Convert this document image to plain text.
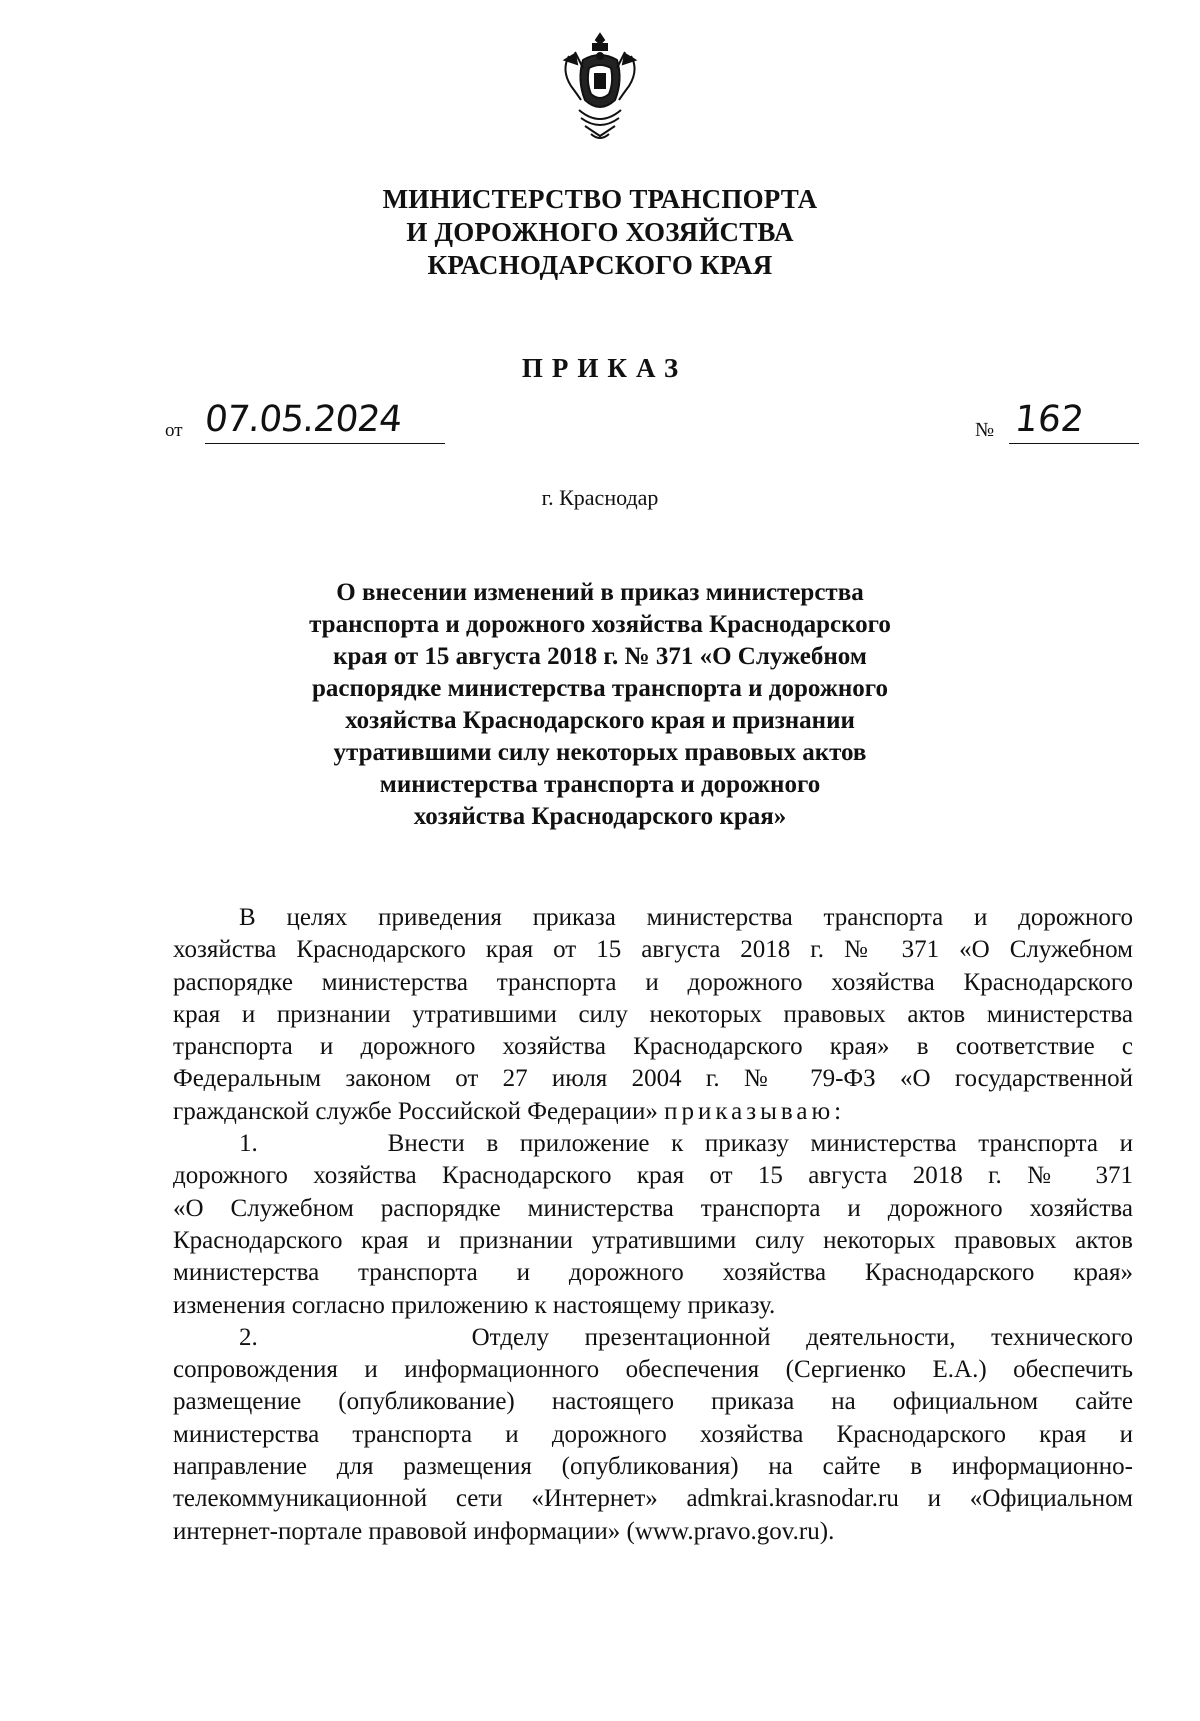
МИНИСТЕРСТВО ТРАНСПОРТА
И ДОРОЖНОГО ХОЗЯЙСТВА
КРАСНОДАРСКОГО КРАЯ
ПРИКАЗ
от 07.05.2024	№ 162
г. Краснодар
О внесении изменений в приказ министерства
транспорта и дорожного хозяйства Краснодарского
края от 15 августа 2018 г. № 371 «О Служебном
распорядке министерства транспорта и дорожного
хозяйства Краснодарского края и признании
утратившими силу некоторых правовых актов
министерства транспорта и дорожного
хозяйства Краснодарского края»
В целях приведения приказа министерства транспорта и дорожного
хозяйства Краснодарского края от 15 августа 2018 г. № 371 «О Служебном
распорядке министерства транспорта и дорожного хозяйства Краснодарского
края и признании утратившими силу некоторых правовых актов министерства
транспорта и дорожного хозяйства Краснодарского края» в соответствие с
Федеральным законом от 27 июля 2004 г. № 79-ФЗ «О государственной
гражданской службе Российской Федерации» приказываю:
1.	Внести в приложение к приказу министерства транспорта и
дорожного хозяйства Краснодарского края от 15 августа 2018 г. № 371
«О Служебном распорядке министерства транспорта и дорожного хозяйства
Краснодарского края и признании утратившими силу некоторых правовых актов
министерства транспорта и дорожного хозяйства Краснодарского края»
изменения согласно приложению к настоящему приказу.
2.	Отделу презентационной деятельности, технического
сопровождения и информационного обеспечения (Сергиенко Е.А.) обеспечить
размещение (опубликование) настоящего приказа на официальном сайте
министерства транспорта и дорожного хозяйства Краснодарского края и
направление для размещения (опубликования) на сайте в информационно-
телекоммуникационной сети «Интернет» admkrai.krasnodar.ru и «Официальном
интернет-портале правовой информации» (www.pravo.gov.ru).
